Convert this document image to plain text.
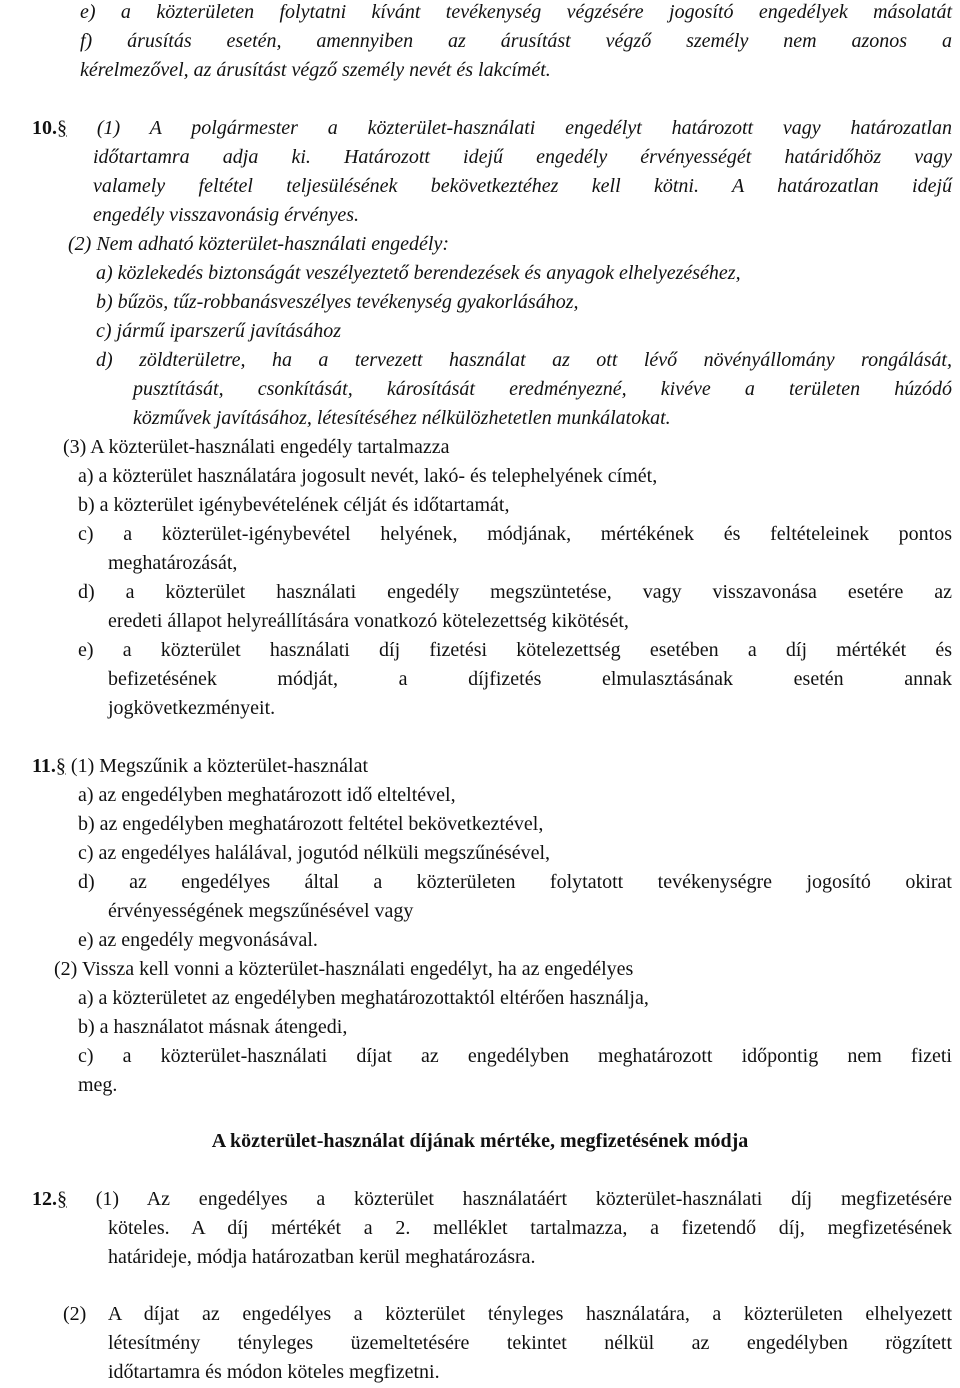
e) a közterületen folytatni kívánt tevékenység végzésére jogosító engedélyek másolatát
f) árusítás esetén, amennyiben az árusítást végző személy nem azonos a
kérelmezővel, az árusítást végző személy nevét és lakcímét.
10.§ (1) A polgármester a közterület-használati engedélyt határozott vagy határozatlan
időtartamra adja ki. Határozott idejű engedély érvényességét határidőhöz vagy
valamely feltétel teljesülésének bekövetkeztéhez kell kötni. A határozatlan idejű
engedély visszavonásig érvényes.
(2) Nem adható közterület-használati engedély:
a) közlekedés biztonságát veszélyeztető berendezések és anyagok elhelyezéséhez,
b) bűzös, tűz-robbanásveszélyes tevékenység gyakorlásához,
c) jármű iparszerű javításához
d) zöldterületre, ha a tervezett használat az ott lévő növényállomány rongálását,
pusztítását, csonkítását, károsítását eredményezné, kivéve a területen húzódó
közművek javításához, létesítéséhez nélkülözhetetlen munkálatokat.
(3) A közterület-használati engedély tartalmazza
a) a közterület használatára jogosult nevét, lakó- és telephelyének címét,
b) a közterület igénybevételének célját és időtartamát,
c) a közterület-igénybevétel helyének, módjának, mértékének és feltételeinek pontos
meghatározását,
d) a közterület használati engedély megszüntetése, vagy visszavonása esetére az
eredeti állapot helyreállítására vonatkozó kötelezettség kikötését,
e) a közterület használati díj fizetési kötelezettség esetében a díj mértékét és
befizetésének módját, a díjfizetés elmulasztásának esetén annak
jogkövetkezményeit.
11.§ (1) Megszűnik a közterület-használat
a) az engedélyben meghatározott idő elteltével,
b) az engedélyben meghatározott feltétel bekövetkeztével,
c) az engedélyes halálával, jogutód nélküli megszűnésével,
d) az engedélyes által a közterületen folytatott tevékenységre jogosító okirat
érvényességének megszűnésével vagy
e) az engedély megvonásával.
(2) Vissza kell vonni a közterület-használati engedélyt, ha az engedélyes
a) a közterületet az engedélyben meghatározottaktól eltérően használja,
b) a használatot másnak átengedi,
c) a közterület-használati díjat az engedélyben meghatározott időpontig nem fizeti
meg.
A közterület-használat díjának mértéke, megfizetésének módja
12.§ (1) Az engedélyes a közterület használatáért közterület-használati díj megfizetésére
köteles. A díj mértékét a 2. melléklet tartalmazza, a fizetendő díj, megfizetésének
határideje, módja határozatban kerül meghatározásra.
(2) A díjat az engedélyes a közterület tényleges használatára, a közterületen elhelyezett
létesítmény tényleges üzemeltetésére tekintet nélkül az engedélyben rögzített
időtartamra és módon köteles megfizetni.
